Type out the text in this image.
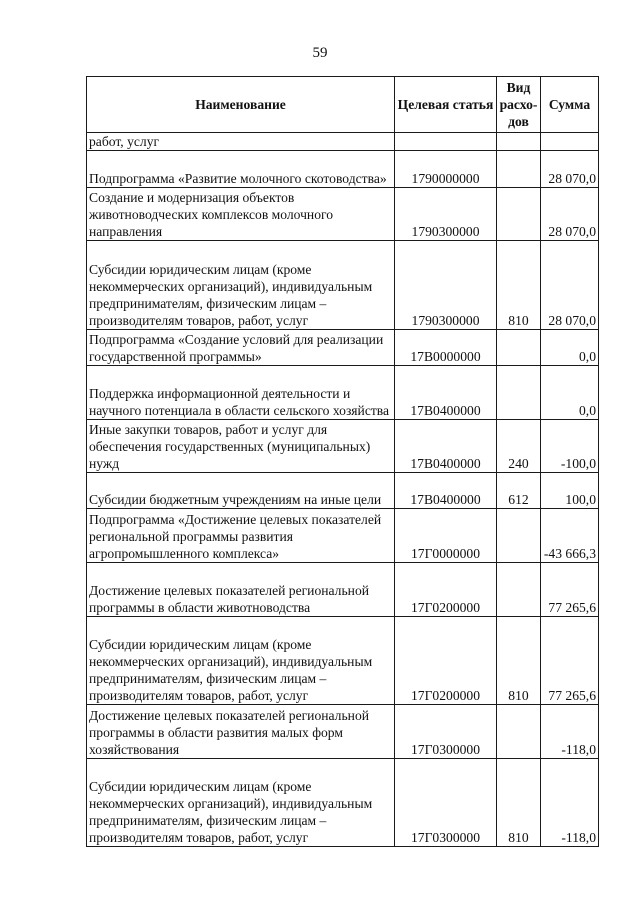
59
Наименование	Целевая статья	Вид расхо-дов	Сумма
работ, услуг			
Подпрограмма «Развитие молочного скотоводства»	1790000000		28 070,0
Создание и модернизация объектов животноводческих комплексов молочного направления	1790300000		28 070,0
Субсидии юридическим лицам (кроме некоммерческих организаций), индивидуальным предпринимателям, физическим лицам – производителям товаров, работ, услуг	1790300000	810	28 070,0
Подпрограмма «Создание условий для реализации государственной программы»	17В0000000		0,0
Поддержка информационной деятельности и научного потенциала в области сельского хозяйства	17В0400000		0,0
Иные закупки товаров, работ и услуг для обеспечения государственных (муниципальных) нужд	17В0400000	240	-100,0
Субсидии бюджетным учреждениям на иные цели	17В0400000	612	100,0
Подпрограмма «Достижение целевых показателей региональной программы развития агропромышленного комплекса»	17Г0000000		-43 666,3
Достижение целевых показателей региональной программы в области животноводства	17Г0200000		77 265,6
Субсидии юридическим лицам (кроме некоммерческих организаций), индивидуальным предпринимателям, физическим лицам – производителям товаров, работ, услуг	17Г0200000	810	77 265,6
Достижение целевых показателей региональной программы в области развития малых форм хозяйствования	17Г0300000		-118,0
Субсидии юридическим лицам (кроме некоммерческих организаций), индивидуальным предпринимателям, физическим лицам – производителям товаров, работ, услуг	17Г0300000	810	-118,0
